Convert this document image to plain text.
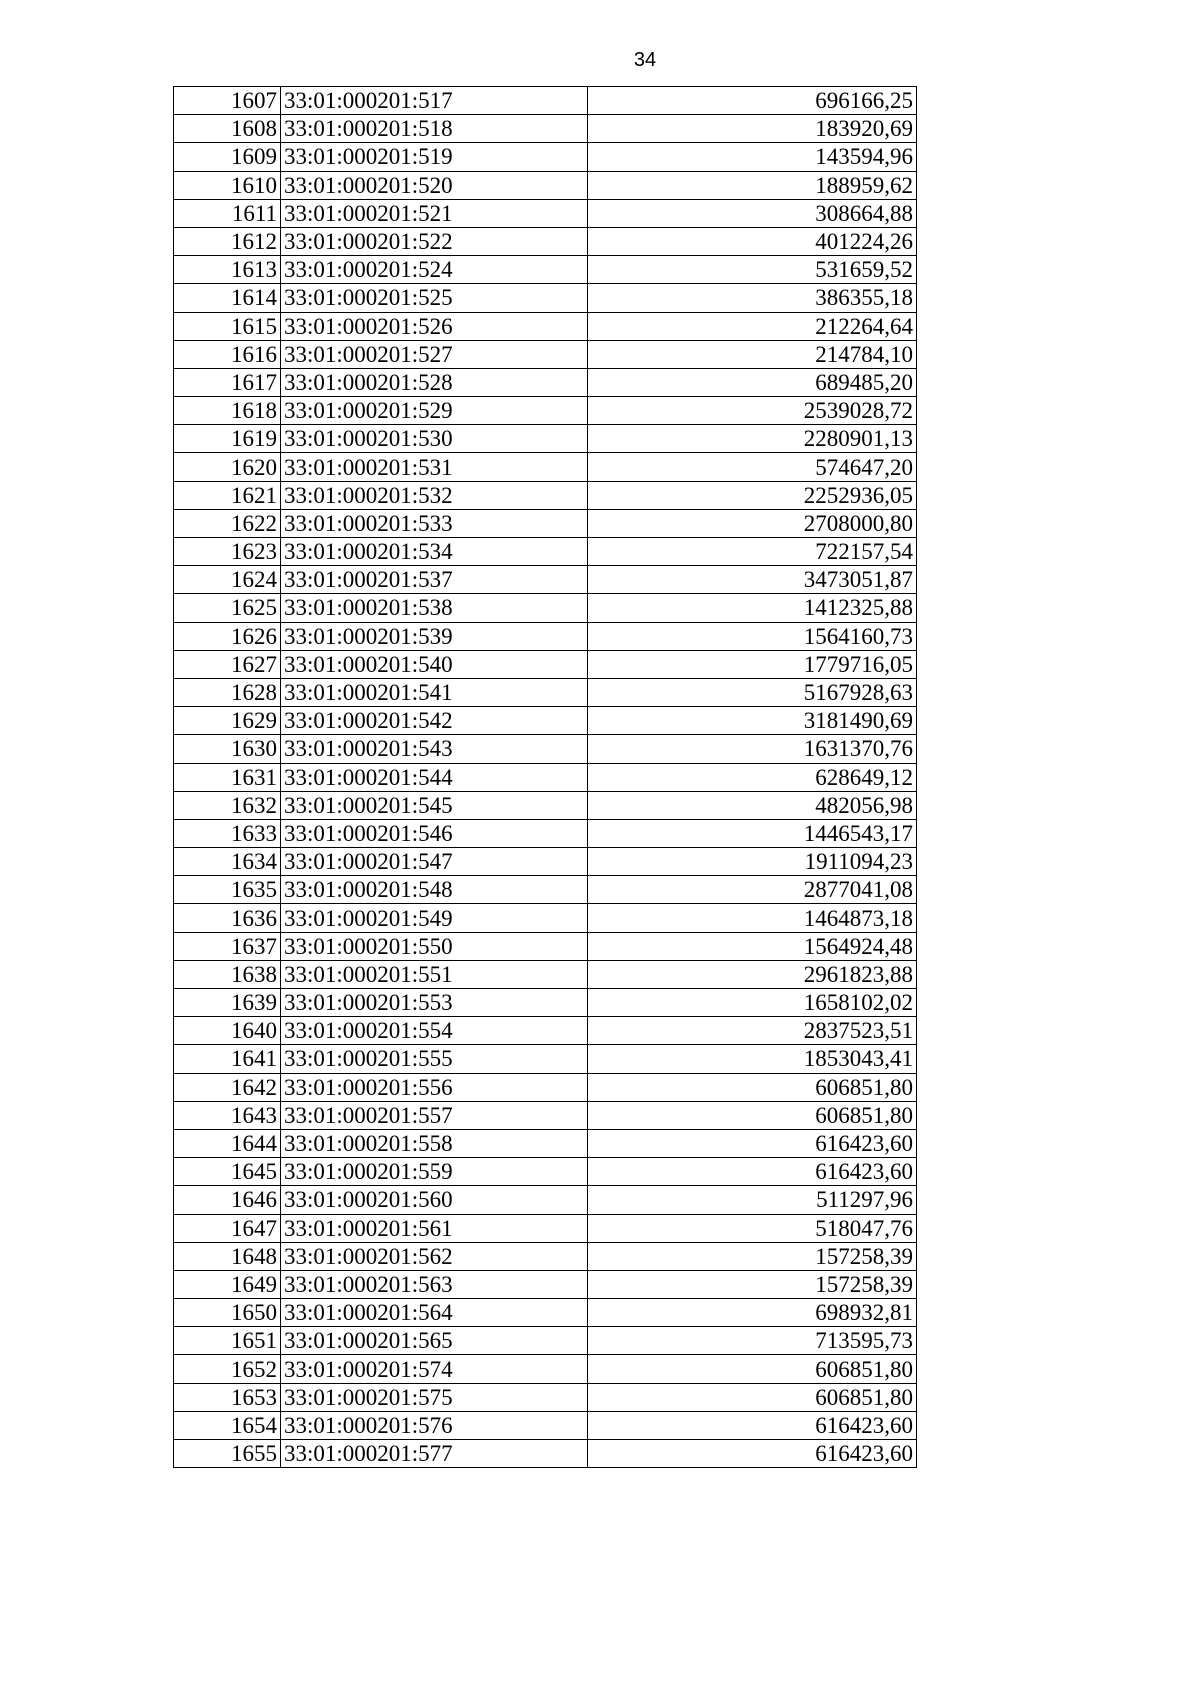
34
1607	33:01:000201:517	696166,25
1608	33:01:000201:518	183920,69
1609	33:01:000201:519	143594,96
1610	33:01:000201:520	188959,62
1611	33:01:000201:521	308664,88
1612	33:01:000201:522	401224,26
1613	33:01:000201:524	531659,52
1614	33:01:000201:525	386355,18
1615	33:01:000201:526	212264,64
1616	33:01:000201:527	214784,10
1617	33:01:000201:528	689485,20
1618	33:01:000201:529	2539028,72
1619	33:01:000201:530	2280901,13
1620	33:01:000201:531	574647,20
1621	33:01:000201:532	2252936,05
1622	33:01:000201:533	2708000,80
1623	33:01:000201:534	722157,54
1624	33:01:000201:537	3473051,87
1625	33:01:000201:538	1412325,88
1626	33:01:000201:539	1564160,73
1627	33:01:000201:540	1779716,05
1628	33:01:000201:541	5167928,63
1629	33:01:000201:542	3181490,69
1630	33:01:000201:543	1631370,76
1631	33:01:000201:544	628649,12
1632	33:01:000201:545	482056,98
1633	33:01:000201:546	1446543,17
1634	33:01:000201:547	1911094,23
1635	33:01:000201:548	2877041,08
1636	33:01:000201:549	1464873,18
1637	33:01:000201:550	1564924,48
1638	33:01:000201:551	2961823,88
1639	33:01:000201:553	1658102,02
1640	33:01:000201:554	2837523,51
1641	33:01:000201:555	1853043,41
1642	33:01:000201:556	606851,80
1643	33:01:000201:557	606851,80
1644	33:01:000201:558	616423,60
1645	33:01:000201:559	616423,60
1646	33:01:000201:560	511297,96
1647	33:01:000201:561	518047,76
1648	33:01:000201:562	157258,39
1649	33:01:000201:563	157258,39
1650	33:01:000201:564	698932,81
1651	33:01:000201:565	713595,73
1652	33:01:000201:574	606851,80
1653	33:01:000201:575	606851,80
1654	33:01:000201:576	616423,60
1655	33:01:000201:577	616423,60
